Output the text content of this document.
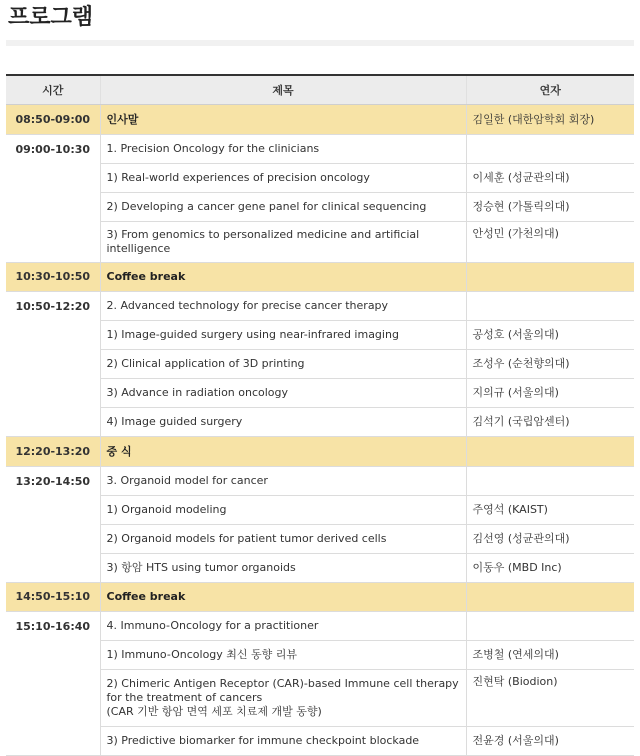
프로그램
시간	제목	연자
08:50-09:00	인사말	김일한 (대한암학회 회장)
09:00-10:30	1. Precision Oncology for the clinicians	
	1) Real-world experiences of precision oncology	이세훈 (성균관의대)
	2) Developing a cancer gene panel for clinical sequencing	정승현 (가톨릭의대)
	3) From genomics to personalized medicine and artificial intelligence	안성민 (가천의대)
10:30-10:50	Coffee break	
10:50-12:20	2. Advanced technology for precise cancer therapy	
	1) Image-guided surgery using near-infrared imaging	공성호 (서울의대)
	2) Clinical application of 3D printing	조성우 (순천향의대)
	3) Advance in radiation oncology	지의규 (서울의대)
	4) Image guided surgery	김석기 (국립암센터)
12:20-13:20	중 식	
13:20-14:50	3. Organoid model for cancer	
	1) Organoid modeling	주영석 (KAIST)
	2) Organoid models for patient tumor derived cells	김선영 (성균관의대)
	3) 항암 HTS using tumor organoids	이동우 (MBD Inc)
14:50-15:10	Coffee break	
15:10-16:40	4. Immuno-Oncology for a practitioner	
	1) Immuno-Oncology 최신 동향 리뷰	조병철 (연세의대)

	2) Chimeric Antigen Receptor (CAR)-based Immune cell therapy for the treatment of cancers
(CAR 기반 항암 면역 세포 치료제 개발 동향)	진현탁 (Biodion)
	3) Predictive biomarker for immune checkpoint blockade	전윤경 (서울의대)
